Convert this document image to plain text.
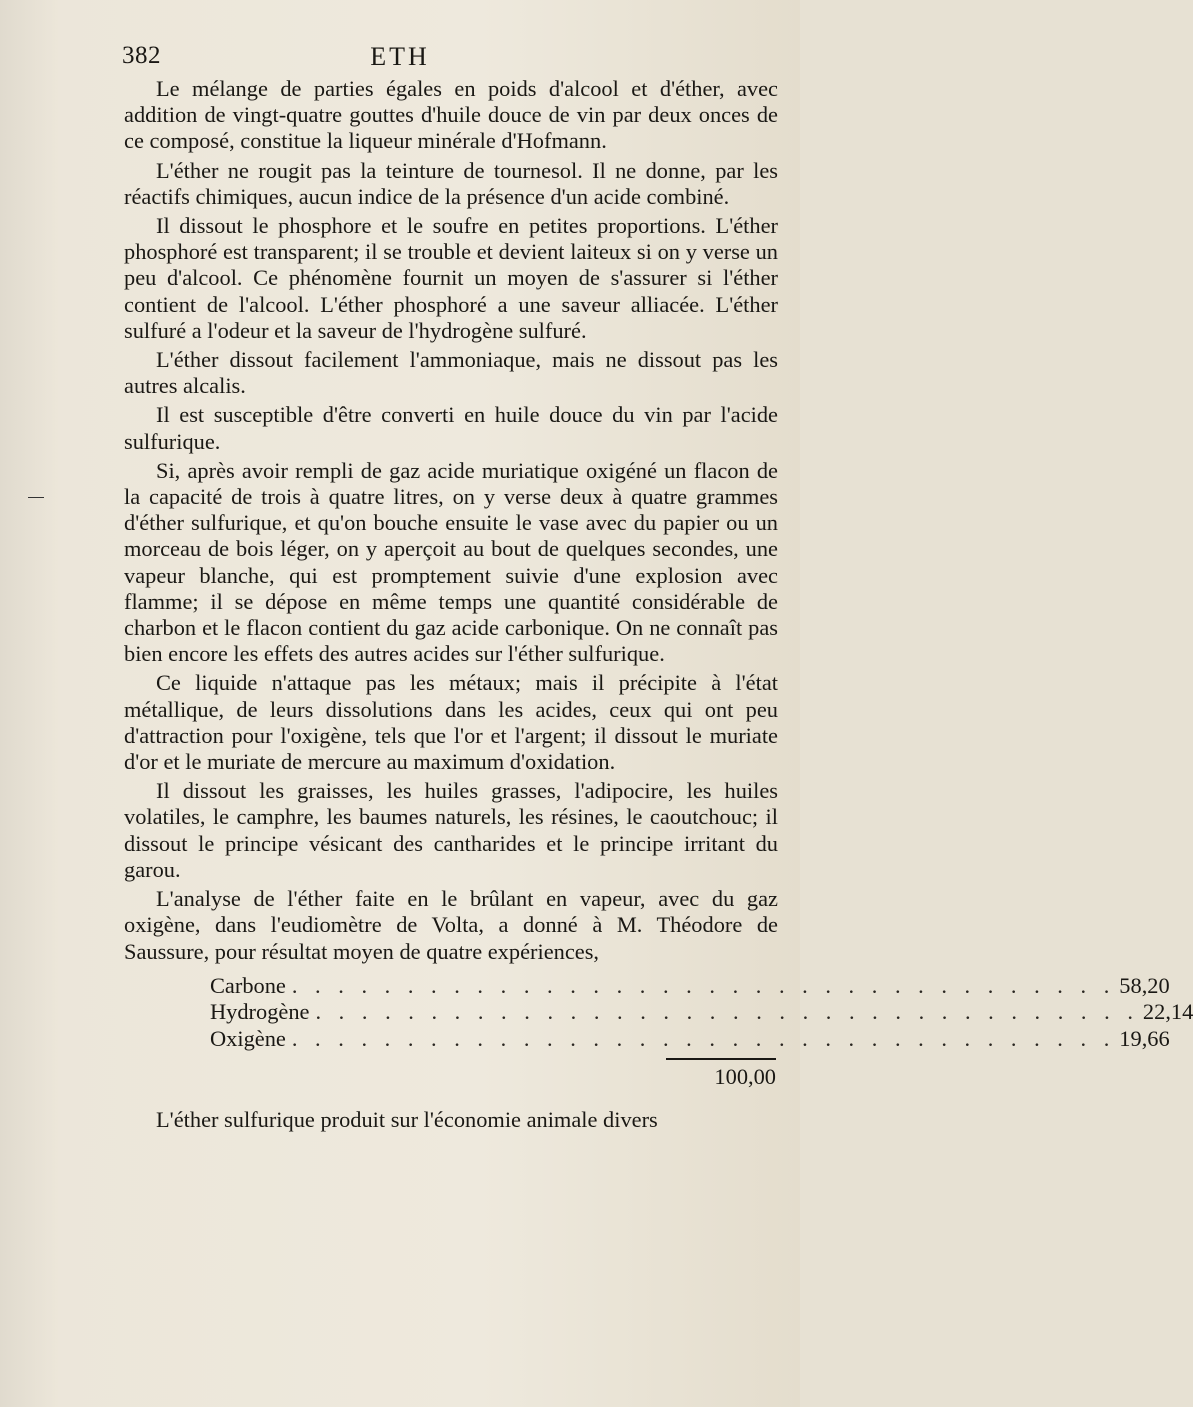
382	ETH

Le mélange de parties égales en poids d'alcool et d'éther, avec addition de vingt-quatre gouttes d'huile douce de vin par deux onces de ce composé, constitue la liqueur minérale d'Hofmann.

L'éther ne rougit pas la teinture de tournesol. Il ne donne, par les réactifs chimiques, aucun indice de la présence d'un acide combiné.

Il dissout le phosphore et le soufre en petites proportions. L'éther phosphoré est transparent; il se trouble et devient laiteux si on y verse un peu d'alcool. Ce phénomène fournit un moyen de s'assurer si l'éther contient de l'alcool. L'éther phosphoré a une saveur alliacée. L'éther sulfuré a l'odeur et la saveur de l'hydrogène sulfuré.

L'éther dissout facilement l'ammoniaque, mais ne dissout pas les autres alcalis.

Il est susceptible d'être converti en huile douce du vin par l'acide sulfurique.

Si, après avoir rempli de gaz acide muriatique oxigéné un flacon de la capacité de trois à quatre litres, on y verse deux à quatre grammes d'éther sulfurique, et qu'on bouche ensuite le vase avec du papier ou un morceau de bois léger, on y aperçoit au bout de quelques secondes, une vapeur blanche, qui est promptement suivie d'une explosion avec flamme; il se dépose en même temps une quantité considérable de charbon et le flacon contient du gaz acide carbonique. On ne connaît pas bien encore les effets des autres acides sur l'éther sulfurique.

Ce liquide n'attaque pas les métaux; mais il précipite à l'état métallique, de leurs dissolutions dans les acides, ceux qui ont peu d'attraction pour l'oxigène, tels que l'or et l'argent; il dissout le muriate d'or et le muriate de mercure au maximum d'oxidation.

Il dissout les graisses, les huiles grasses, l'adipocire, les huiles volatiles, le camphre, les baumes naturels, les résines, le caoutchouc; il dissout le principe vésicant des cantharides et le principe irritant du garou.

L'analyse de l'éther faite en le brûlant en vapeur, avec du gaz oxigène, dans l'eudiomètre de Volta, a donné à M. Théodore de Saussure, pour résultat moyen de quatre expériences,

Carbone . . . . . . . . . . . . . . . . . . . . . . . . . . . . . . . . . . . . 58,20
Hydrogène . . . . . . . . . . . . . . . . . . . . . . . . . . . . . . . . . . . . 22,14
Oxigène . . . . . . . . . . . . . . . . . . . . . . . . . . . . . . . . . . . . 19,66
100,00

L'éther sulfurique produit sur l'économie animale divers
